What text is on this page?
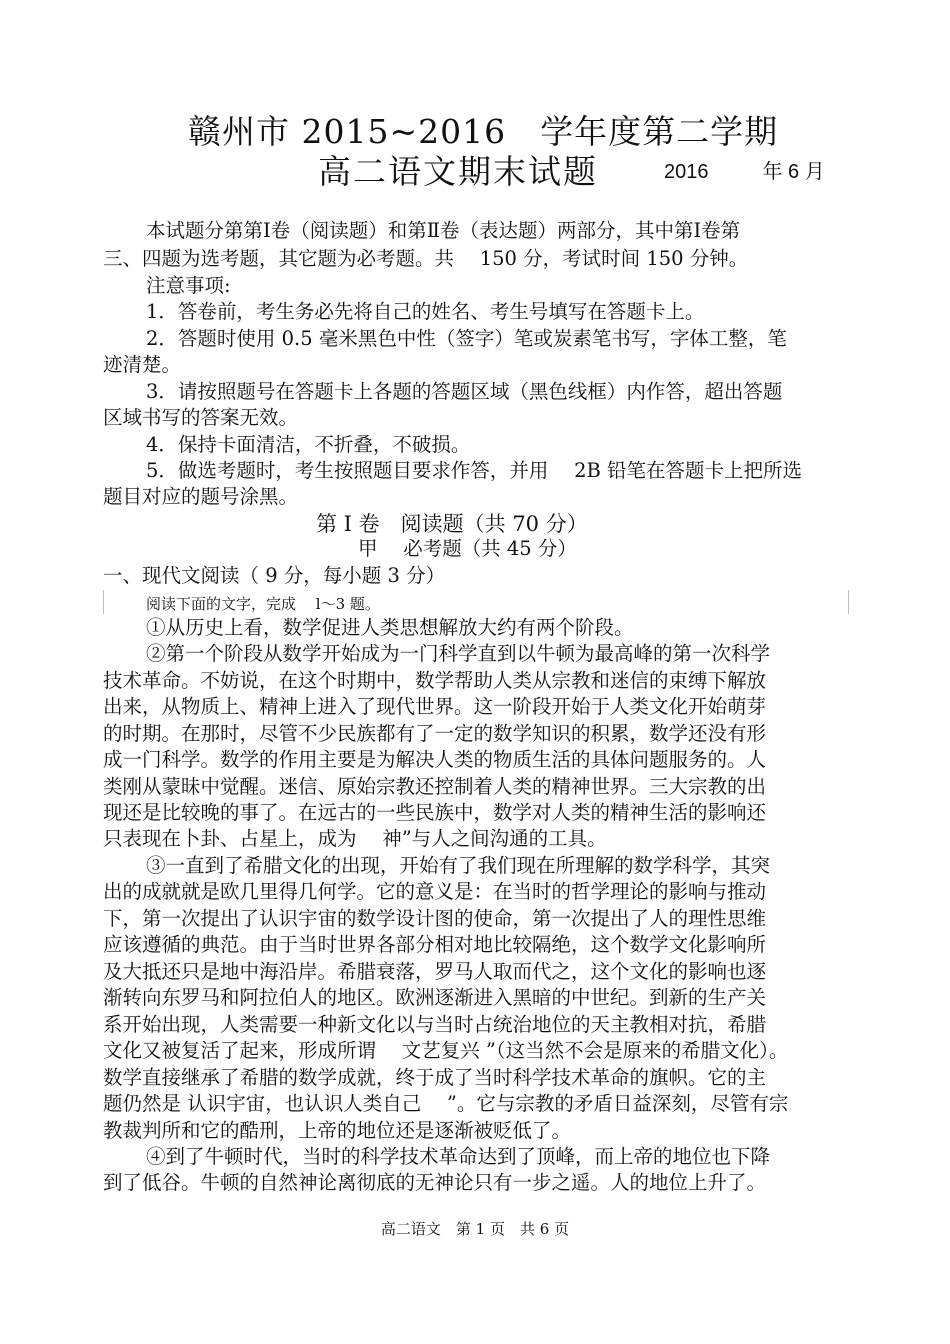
赣州市 2015~2016　学年度第二学期
高二语文期末试题	2016	年 6 月
本试题分第第Ⅰ卷（阅读题）和第Ⅱ卷（表达题）两部分，其中第Ⅰ卷第
三、四题为选考题，其它题为必考题。共　 150 分，考试时间 150 分钟。
注意事项:
1．答卷前，考生务必先将自己的姓名、考生号填写在答题卡上。
2．答题时使用 0.5 毫米黑色中性（签字）笔或炭素笔书写，字体工整，笔
迹清楚。
3．请按照题号在答题卡上各题的答题区域（黑色线框）内作答，超出答题
区域书写的答案无效。
4．保持卡面清洁，不折叠，不破损。
5．做选考题时，考生按照题目要求作答，并用　 2B 铅笔在答题卡上把所选
题目对应的题号涂黑。
第 Ⅰ 卷　阅读题（共 70 分）
甲　 必考题（共 45 分）
一、现代文阅读（ 9 分，每小题 3 分）
阅读下面的文字，完成　 l～3 题。
①从历史上看，数学促进人类思想解放大约有两个阶段。
②第一个阶段从数学开始成为一门科学直到以牛顿为最高峰的第一次科学
技术革命。不妨说，在这个时期中，数学帮助人类从宗教和迷信的束缚下解放
出来，从物质上、精神上进入了现代世界。这一阶段开始于人类文化开始萌芽
的时期。在那时，尽管不少民族都有了一定的数学知识的积累，数学还没有形
成一门科学。数学的作用主要是为解决人类的物质生活的具体问题服务的。人
类刚从蒙昧中觉醒。迷信、原始宗教还控制着人类的精神世界。三大宗教的出
现还是比较晚的事了。在远古的一些民族中，数学对人类的精神生活的影响还
只表现在卜卦、占星上，成为　 神”与人之间沟通的工具。
③一直到了希腊文化的出现，开始有了我们现在所理解的数学科学，其突
出的成就就是欧几里得几何学。它的意义是：在当时的哲学理论的影响与推动
下，第一次提出了认识宇宙的数学设计图的使命，第一次提出了人的理性思维
应该遵循的典范。由于当时世界各部分相对地比较隔绝，这个数学文化影响所
及大抵还只是地中海沿岸。希腊衰落，罗马人取而代之，这个文化的影响也逐
渐转向东罗马和阿拉伯人的地区。欧洲逐渐进入黑暗的中世纪。到新的生产关
系开始出现，人类需要一种新文化以与当时占统治地位的天主教相对抗，希腊
文化又被复活了起来，形成所谓　 文艺复兴 ”（这当然不会是原来的希腊文化）。
数学直接继承了希腊的数学成就，终于成了当时科学技术革命的旗帜。它的主
题仍然是 认识宇宙，也认识人类自己　 ”。它与宗教的矛盾日益深刻，尽管有宗
教裁判所和它的酷刑，上帝的地位还是逐渐被贬低了。
④到了牛顿时代，当时的科学技术革命达到了顶峰，而上帝的地位也下降
到了低谷。牛顿的自然神论离彻底的无神论只有一步之遥。人的地位上升了。
高二语文　第 1 页　共 6 页
